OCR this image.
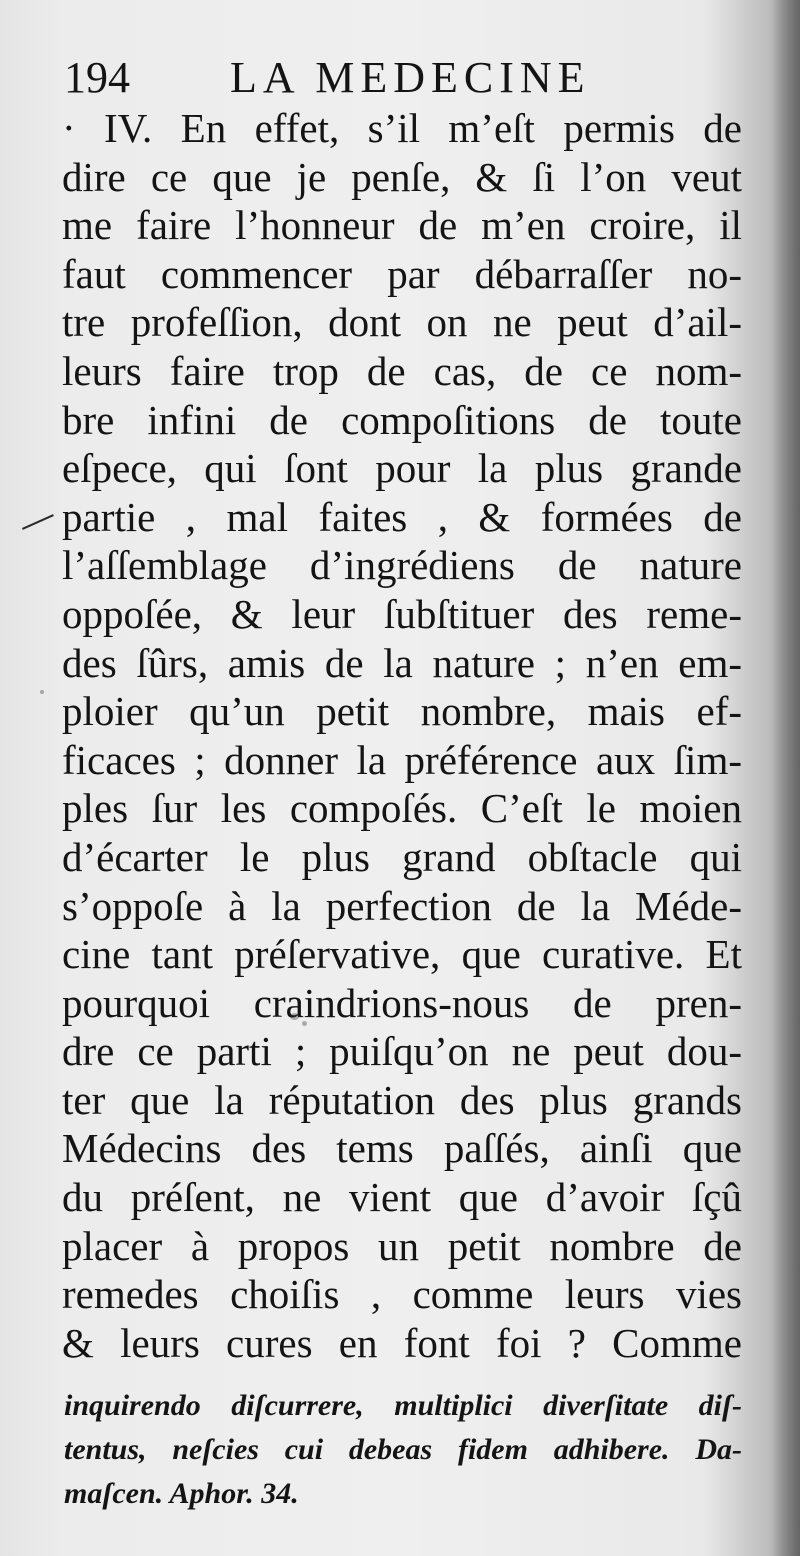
194 LA MEDECINE
· IV. En effet, s’il m’eſt permis de
dire ce que je penſe, & ſi l’on veut
me faire l’honneur de m’en croire, il
faut commencer par débarraſſer no-
tre profeſſion, dont on ne peut d’ail-
leurs faire trop de cas, de ce nom-
bre infini de compoſitions de toute
eſpece, qui ſont pour la plus grande
partie , mal faites , & formées de
l’aſſemblage d’ingrédiens de nature
oppoſée, & leur ſubſtituer des reme-
des ſûrs, amis de la nature ; n’en em-
ploier qu’un petit nombre, mais ef-
ficaces ; donner la préférence aux ſim-
ples ſur les compoſés. C’eſt le moien
d’écarter le plus grand obſtacle qui
s’oppoſe à la perfection de la Méde-
cine tant préſervative, que curative. Et
pourquoi craindrions-nous de pren-
dre ce parti ; puiſqu’on ne peut dou-
ter que la réputation des plus grands
Médecins des tems paſſés, ainſi que
du préſent, ne vient que d’avoir ſçû
placer à propos un petit nombre de
remedes choiſis , comme leurs vies
& leurs cures en font foi ? Comme
inquirendo diſcurrere, multiplici diverſitate diſ-
tentus, neſcies cui debeas fidem adhibere. Da-
maſcen. Aphor. 34.
